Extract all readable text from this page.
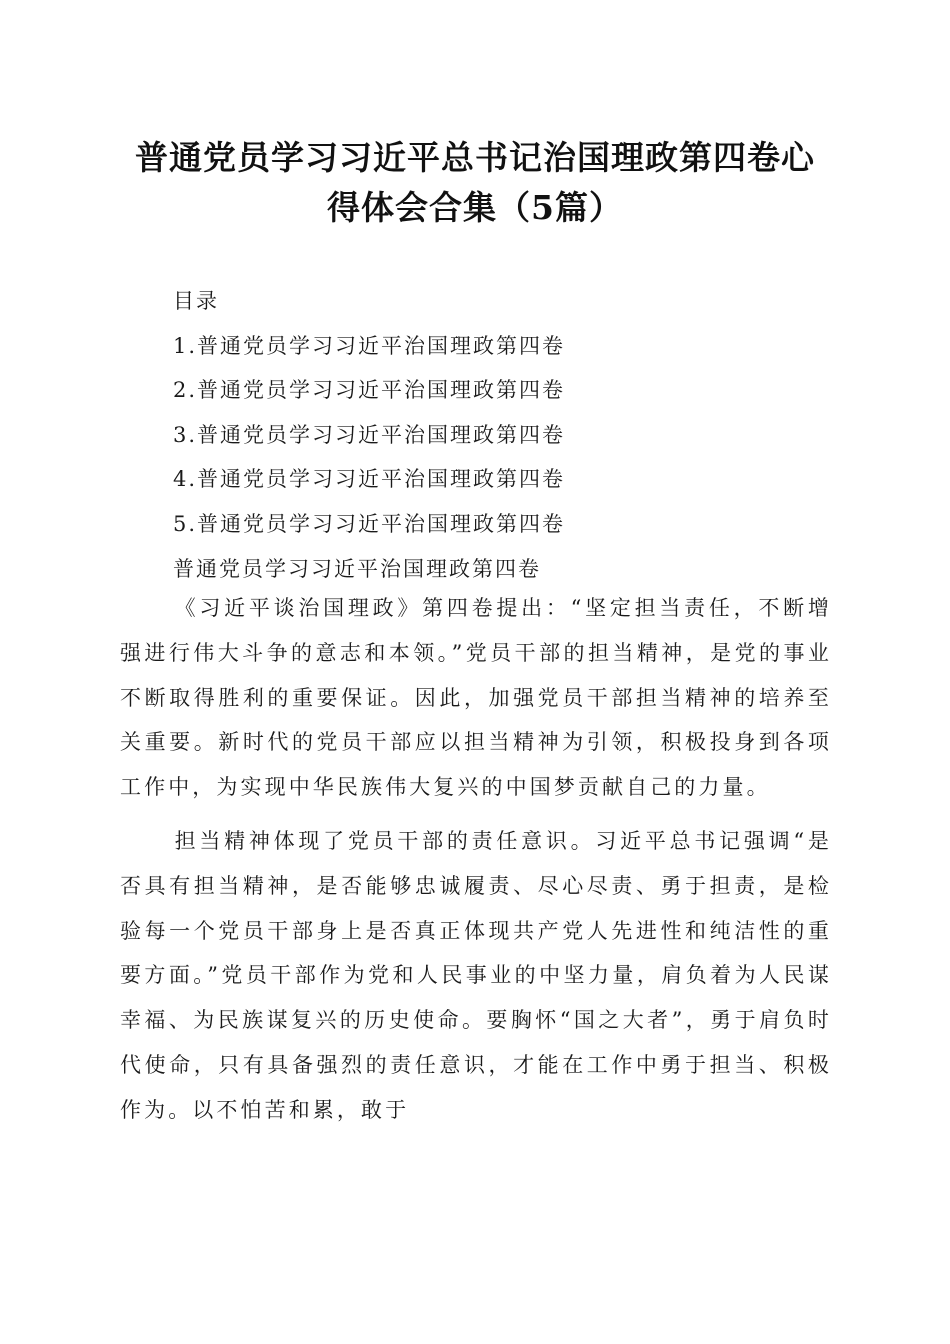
普通党员学习习近平总书记治国理政第四卷心
得体会合集（5篇）
目录
1.普通党员学习习近平治国理政第四卷
2.普通党员学习习近平治国理政第四卷
3.普通党员学习习近平治国理政第四卷
4.普通党员学习习近平治国理政第四卷
5.普通党员学习习近平治国理政第四卷
普通党员学习习近平治国理政第四卷

《习近平谈治国理政》第四卷提出：“坚定担当责任，不断增强进行伟大斗争的意志和本领。”党员干部的担当精神，是党的事业不断取得胜利的重要保证。因此，加强党员干部担当精神的培养至关重要。新时代的党员干部应以担当精神为引领，积极投身到各项工作中，为实现中华民族伟大复兴的中国梦贡献自己的力量。

担当精神体现了党员干部的责任意识。习近平总书记强调“是否具有担当精神，是否能够忠诚履责、尽心尽责、勇于担责，是检验每一个党员干部身上是否真正体现共产党人先进性和纯洁性的重要方面。”党员干部作为党和人民事业的中坚力量，肩负着为人民谋幸福、为民族谋复兴的历史使命。要胸怀“国之大者”，勇于肩负时代使命，只有具备强烈的责任意识，才能在工作中勇于担当、积极作为。以不怕苦和累，敢于
